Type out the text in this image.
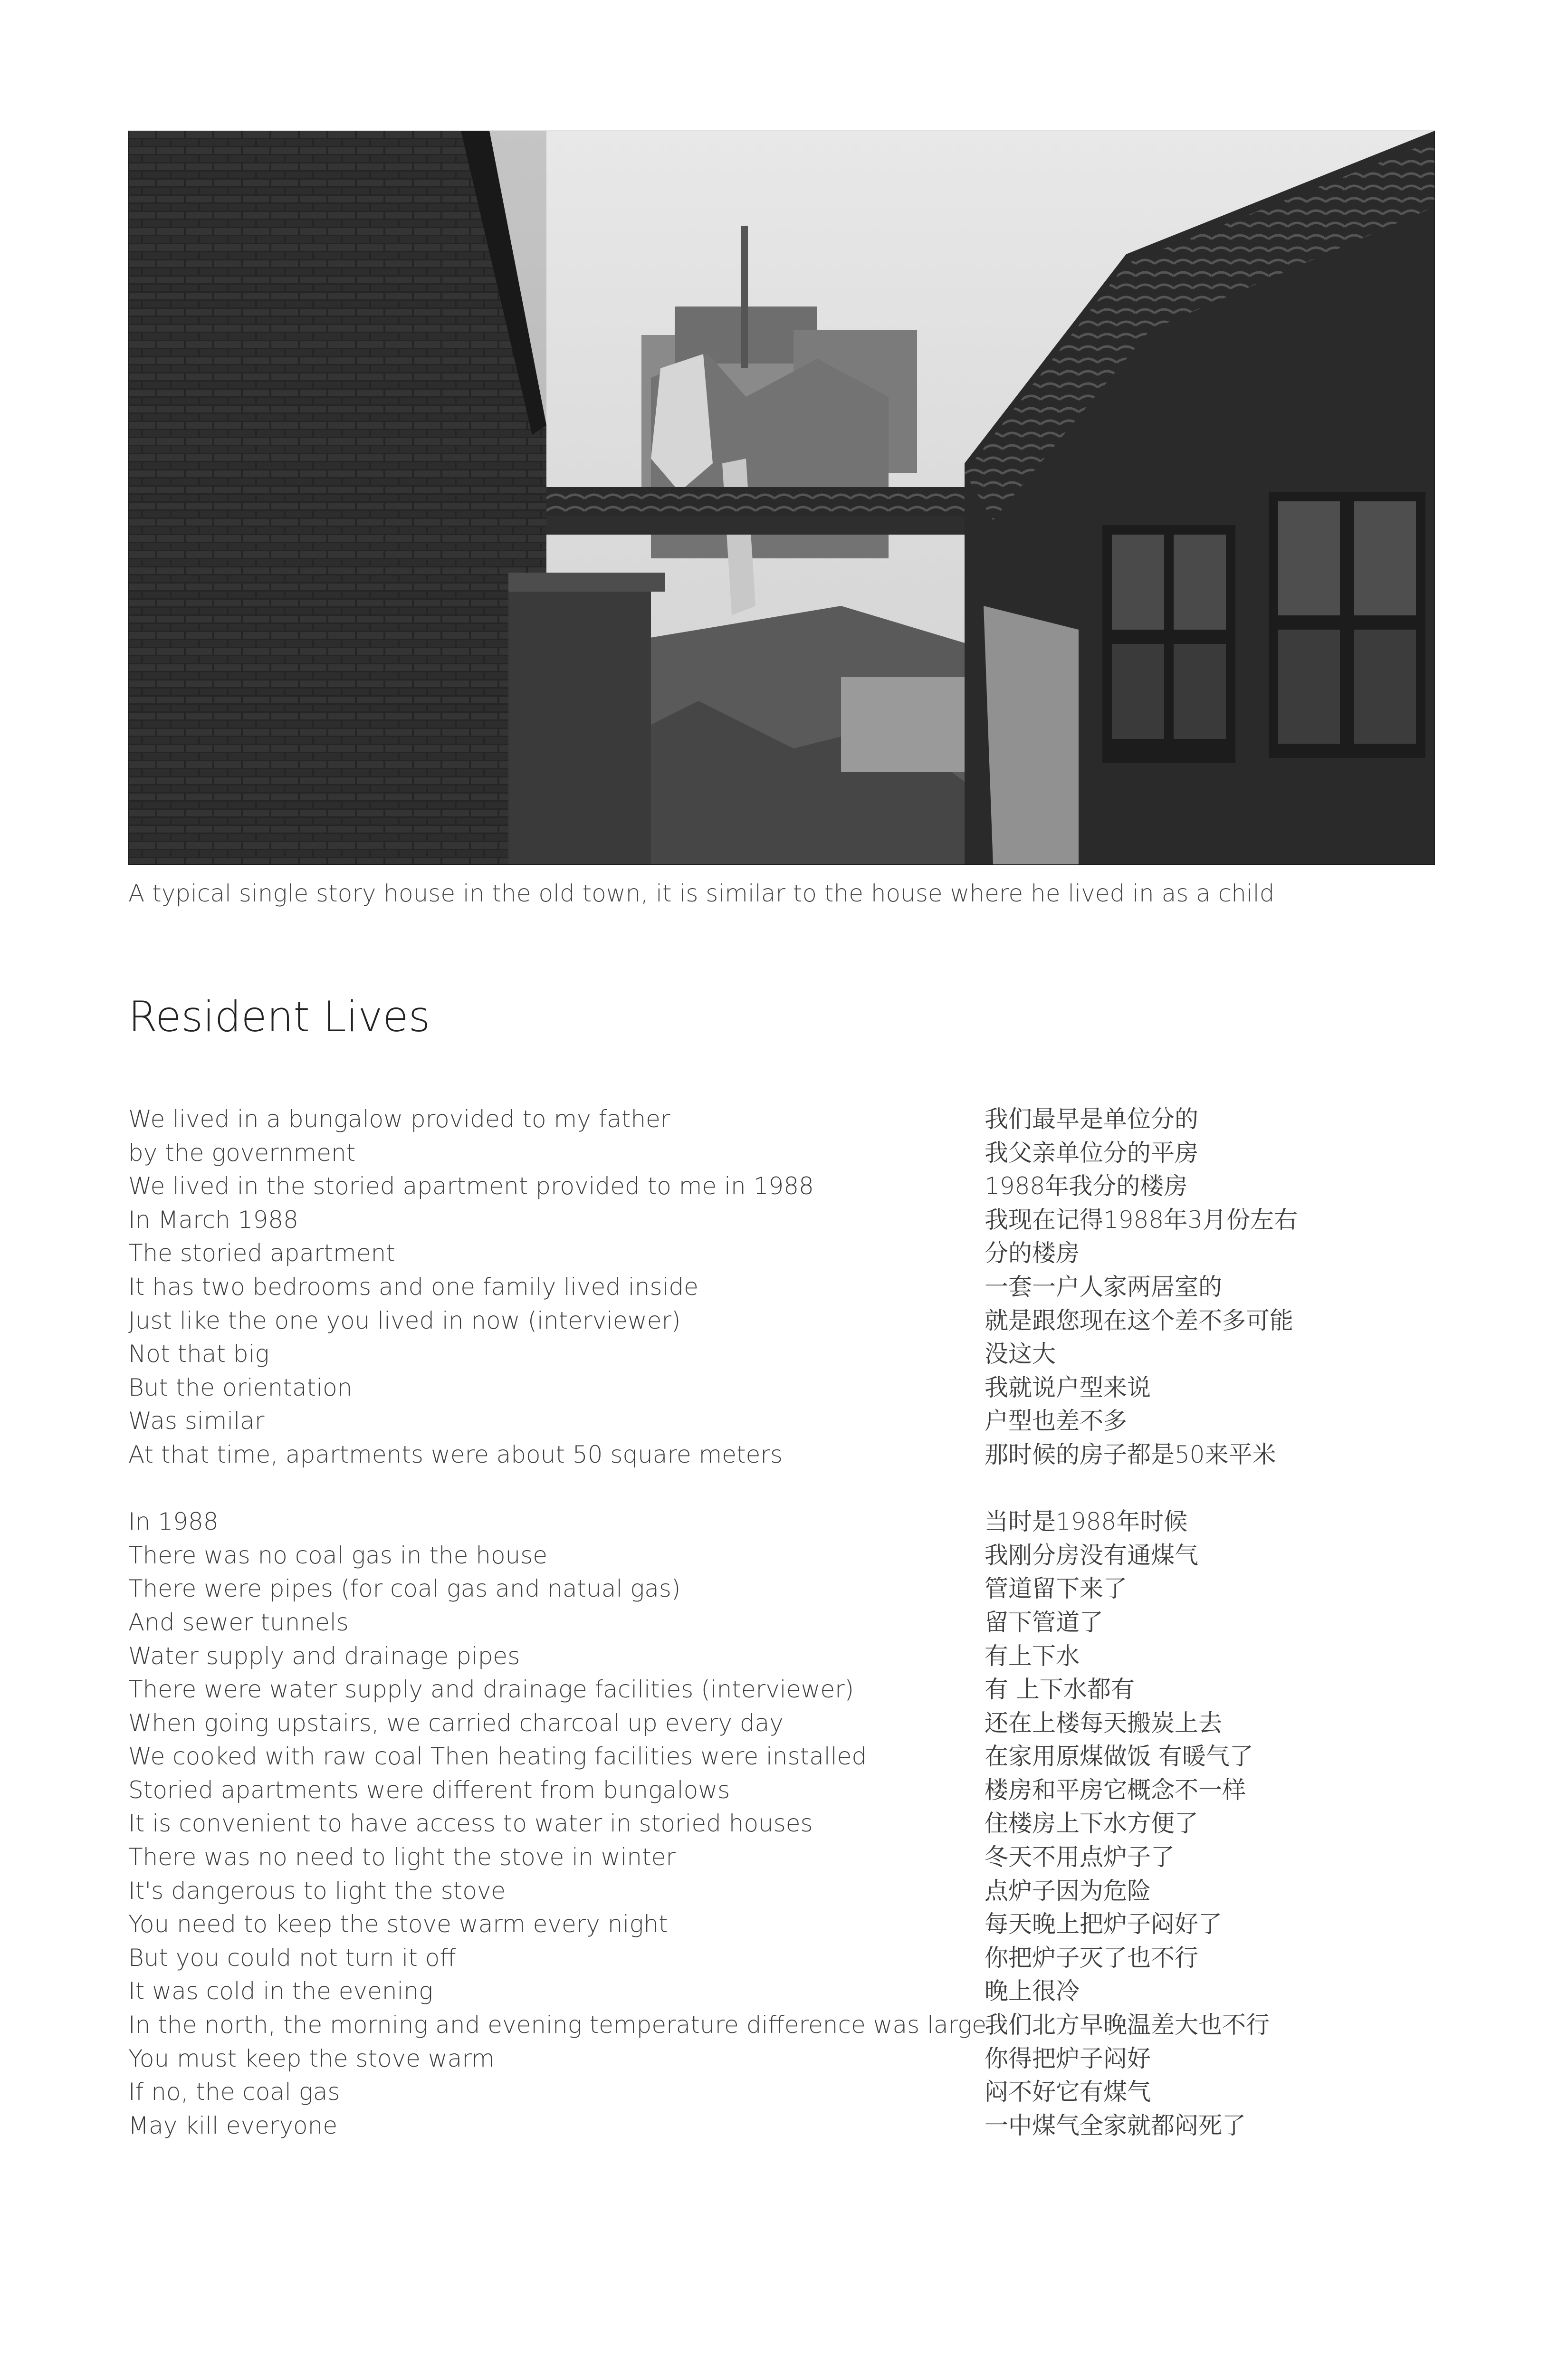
A typical single story house in the old town, it is similar to the house where he lived in as a child
Resident Lives
We lived in a bungalow provided to my father
by the government
We lived in the storied apartment provided to me in 1988
In March 1988
The storied apartment
It has two bedrooms and one family lived inside
Just like the one you lived in now (interviewer)
Not that big
But the orientation
Was similar
At that time, apartments were about 50 square meters
In 1988
There was no coal gas in the house
There were pipes (for coal gas and natual gas)
And sewer tunnels
Water supply and drainage pipes
There were water supply and drainage facilities (interviewer)
When going upstairs, we carried charcoal up every day
We cooked with raw coal Then heating facilities were installed
Storied apartments were different from bungalows
It is convenient to have access to water in storied houses
There was no need to light the stove in winter
It's dangerous to light the stove
You need to keep the stove warm every night
But you could not turn it off
It was cold in the evening
In the north, the morning and evening temperature difference was large
You must keep the stove warm
If no, the coal gas
May kill everyone
我们最早是单位分的
我父亲单位分的平房
1988年我分的楼房
我现在记得1988年3月份左右
分的楼房
一套一户人家两居室的
就是跟您现在这个差不多可能
没这大
我就说户型来说
户型也差不多
那时候的房子都是50来平米
当时是1988年时候
我刚分房没有通煤气
管道留下来了
留下管道了
有上下水
有 上下水都有
还在上楼每天搬炭上去
在家用原煤做饭 有暖气了
楼房和平房它概念不一样
住楼房上下水方便了
冬天不用点炉子了
点炉子因为危险
每天晚上把炉子闷好了
你把炉子灭了也不行
晚上很冷
我们北方早晚温差大也不行
你得把炉子闷好
闷不好它有煤气
一中煤气全家就都闷死了
